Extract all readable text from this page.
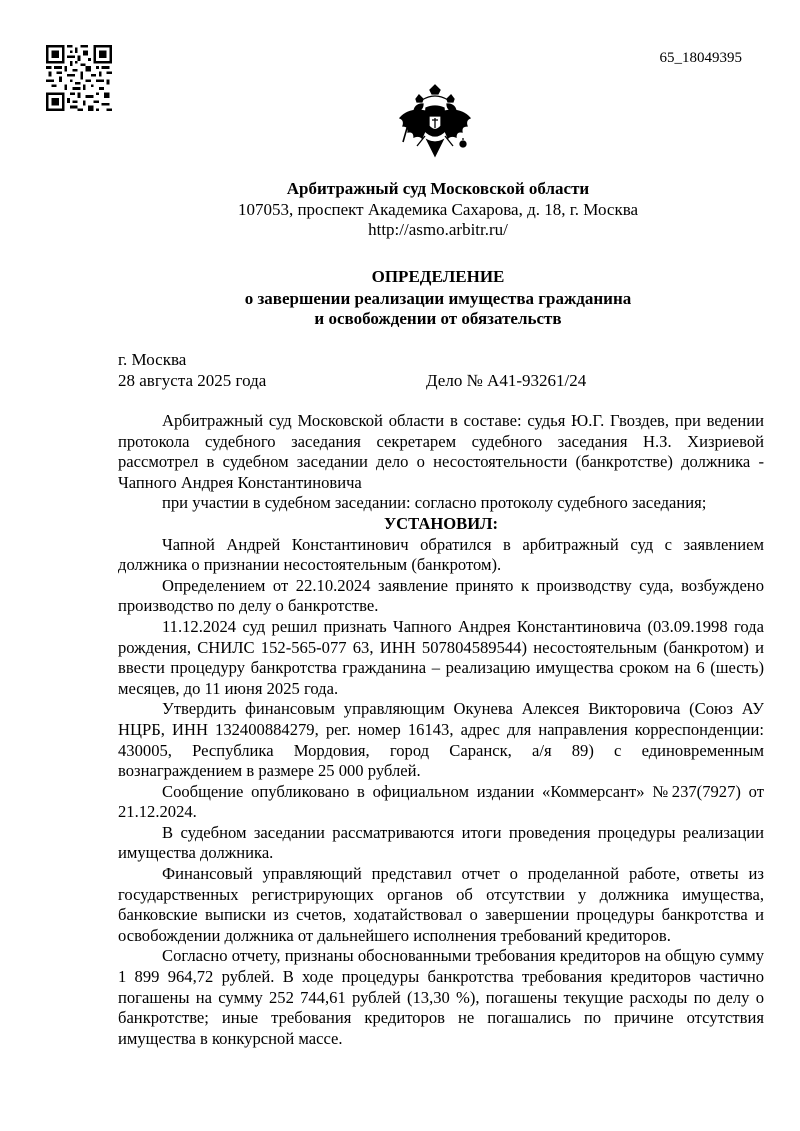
65_18049395
Арбитражный суд Московской области
107053, проспект Академика Сахарова, д. 18, г. Москва
http://asmo.arbitr.ru/
ОПРЕДЕЛЕНИЕ
о завершении реализации имущества гражданина
и освобождении от обязательств
г. Москва
28 августа 2025 года	Дело № А41-93261/24

Арбитражный суд Московской области в составе: судья Ю.Г. Гвоздев, при ведении протокола судебного заседания секретарем судебного заседания Н.З. Хизриевой рассмотрел в судебном заседании дело о несостоятельности (банкротстве) должника - Чапного Андрея Константиновича

при участии в судебном заседании: согласно протоколу судебного заседания;

УСТАНОВИЛ:

Чапной Андрей Константинович обратился в арбитражный суд с заявлением должника о признании несостоятельным (банкротом).

Определением от 22.10.2024 заявление принято к производству суда, возбуждено производство по делу о банкротстве.

11.12.2024 суд решил признать Чапного Андрея Константиновича (03.09.1998 года рождения, СНИЛС 152-565-077 63, ИНН 507804589544) несостоятельным (банкротом) и ввести процедуру банкротства гражданина – реализацию имущества сроком на 6 (шесть) месяцев, до 11 июня 2025 года.

Утвердить финансовым управляющим Окунева Алексея Викторовича (Союз АУ НЦРБ, ИНН 132400884279, рег. номер 16143, адрес для направления корреспонденции: 430005, Республика Мордовия, город Саранск, а/я 89) с единовременным вознаграждением в размере 25 000 рублей.

Сообщение опубликовано в официальном издании «Коммерсант» №237(7927) от 21.12.2024.

В судебном заседании рассматриваются итоги проведения процедуры реализации имущества должника.

Финансовый управляющий представил отчет о проделанной работе, ответы из государственных регистрирующих органов об отсутствии у должника имущества, банковские выписки из счетов, ходатайствовал о завершении процедуры банкротства и освобождении должника от дальнейшего исполнения требований кредиторов.

Согласно отчету, признаны обоснованными требования кредиторов на общую сумму 1 899 964,72 рублей. В ходе процедуры банкротства требования кредиторов частично погашены на сумму 252 744,61 рублей (13,30 %), погашены текущие расходы по делу о банкротстве; иные требования кредиторов не погашались по причине отсутствия имущества в конкурсной массе.
